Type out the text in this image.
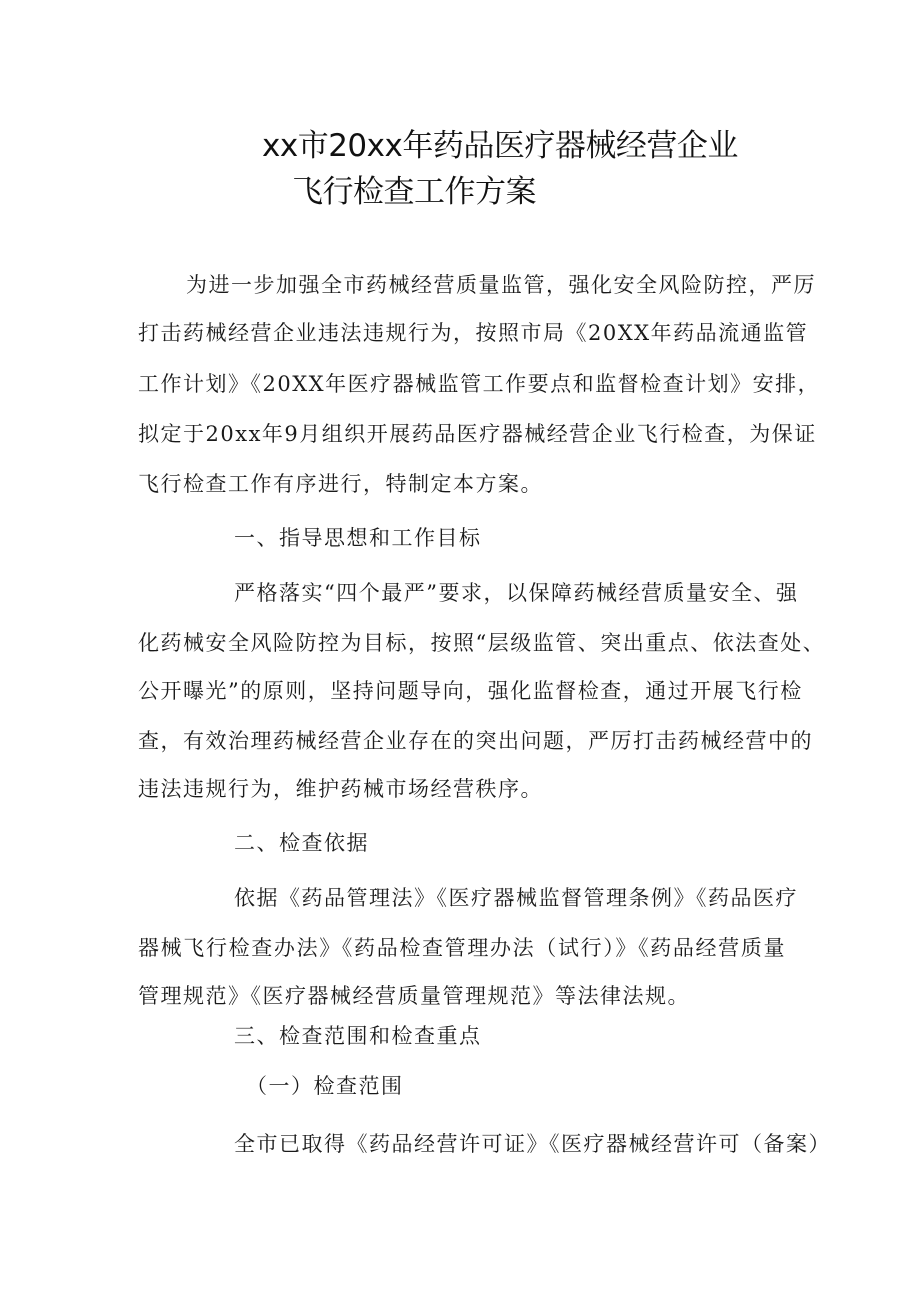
xx市20xx年药品医疗器械经营企业
飞行检查工作方案
为进一步加强全市药械经营质量监管，强化安全风险防控，严厉
打击药械经营企业违法违规行为，按照市局《20XX年药品流通监管
工作计划》《20XX年医疗器械监管工作要点和监督检查计划》安排，
拟定于20xx年9月组织开展药品医疗器械经营企业飞行检查，为保证
飞行检查工作有序进行，特制定本方案。
一、指导思想和工作目标
严格落实“四个最严”要求，以保障药械经营质量安全、强
化药械安全风险防控为目标，按照“层级监管、突出重点、依法查处、
公开曝光”的原则，坚持问题导向，强化监督检查，通过开展飞行检
查，有效治理药械经营企业存在的突出问题，严厉打击药械经营中的
违法违规行为，维护药械市场经营秩序。
二、检查依据
依据《药品管理法》《医疗器械监督管理条例》《药品医疗
器械飞行检查办法》《药品检查管理办法（试行）》《药品经营质量
管理规范》《医疗器械经营质量管理规范》等法律法规。
三、检查范围和检查重点
（一）检查范围
全市已取得《药品经营许可证》《医疗器械经营许可（备案）
